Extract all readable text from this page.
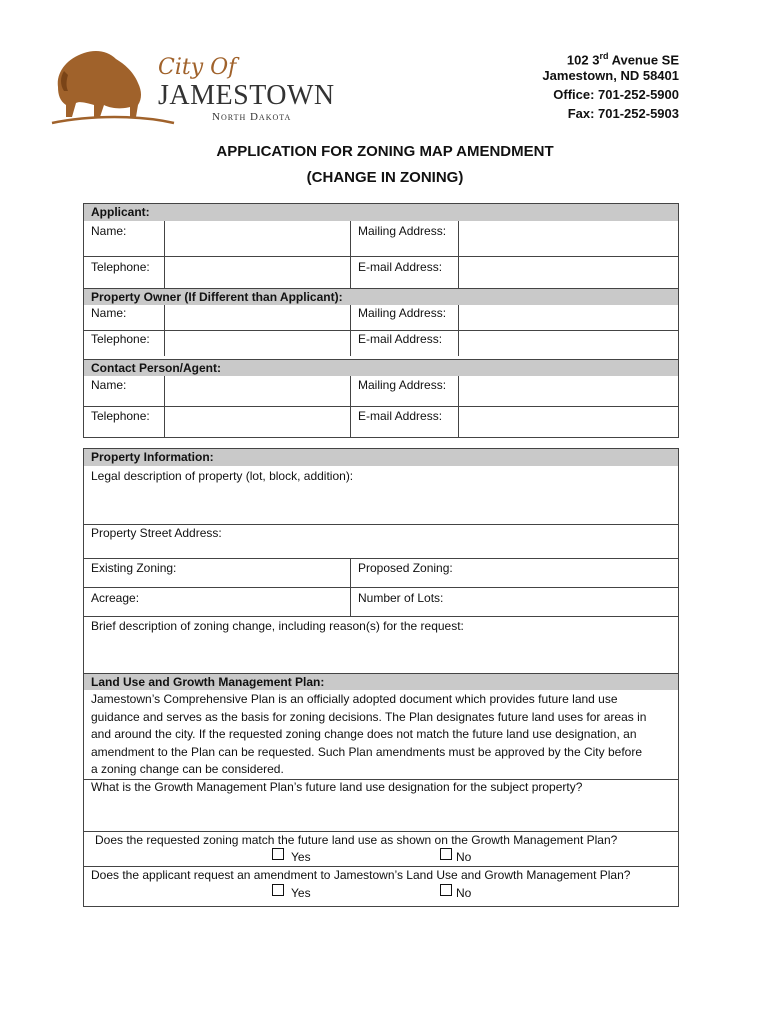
City Of
JAMESTOWN
North Dakota
102 3rd Avenue SE
Jamestown, ND 58401
Office: 701-252-5900
Fax: 701-252-5903
APPLICATION FOR ZONING MAP AMENDMENT
(CHANGE IN ZONING)
Applicant:
Name:	Mailing Address:
Telephone:	E-mail Address:
Property Owner (If Different than Applicant):
Name:	Mailing Address:
Telephone:	E-mail Address:
Contact Person/Agent:
Name:	Mailing Address:
Telephone:	E-mail Address:
Property Information:
Legal description of property (lot, block, addition):
Property Street Address:
Existing Zoning:	Proposed Zoning:
Acreage:	Number of Lots:
Brief description of zoning change, including reason(s) for the request:
Land Use and Growth Management Plan:
Jamestown’s Comprehensive Plan is an officially adopted document which provides future land use
guidance and serves as the basis for zoning decisions. The Plan designates future land uses for areas in
and around the city. If the requested zoning change does not match the future land use designation, an
amendment to the Plan can be requested. Such Plan amendments must be approved by the City before
a zoning change can be considered.
What is the Growth Management Plan’s future land use designation for the subject property?
Does the requested zoning match the future land use as shown on the Growth Management Plan?
Yes	No
Does the applicant request an amendment to Jamestown’s Land Use and Growth Management Plan?
Yes	No
